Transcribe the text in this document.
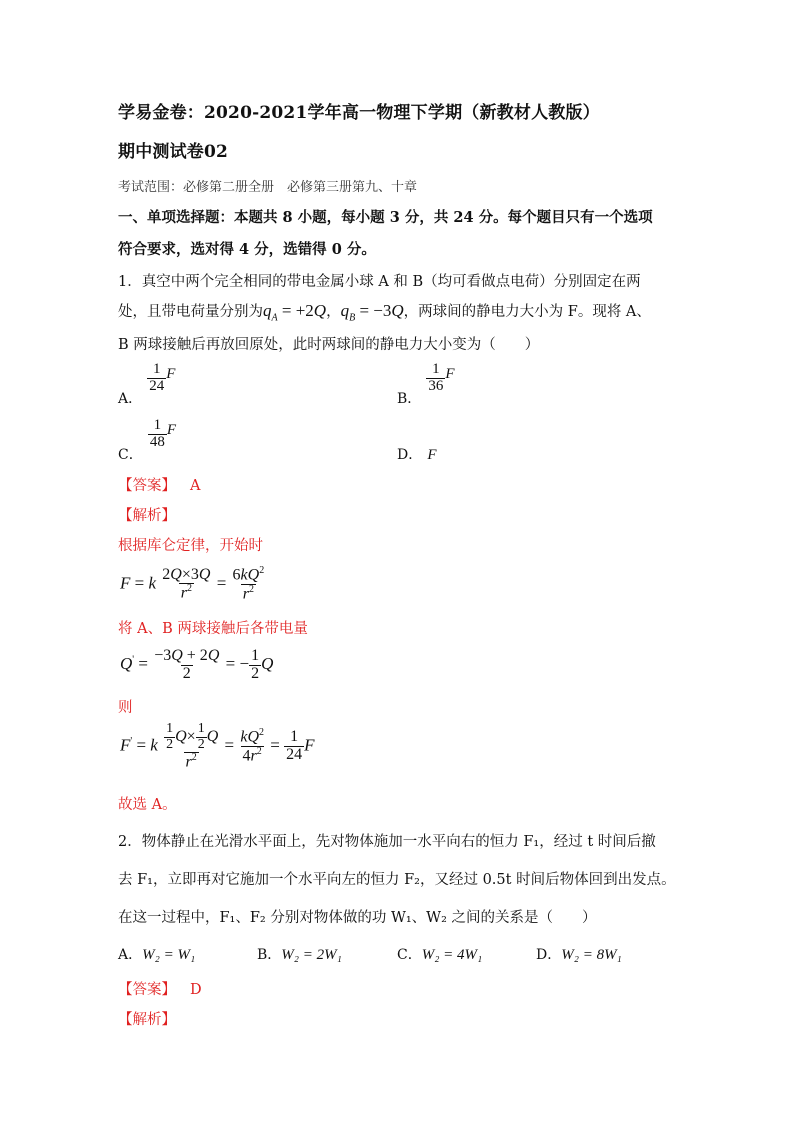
学易金卷：2020-2021学年高一物理下学期（新教材人教版）
期中测试卷02
考试范围：必修第二册全册　必修第三册第九、十章
一、单项选择题：本题共 8 小题，每小题 3 分，共 24 分。每个题目只有一个选项
符合要求，选对得 4 分，选错得 0 分。
1．真空中两个完全相同的带电金属小球 A 和 B（均可看做点电荷）分别固定在两
处，且带电荷量分别为$q_A = +2Q$，$q_B = -3Q$，两球间的静电力大小为 F。现将 A、
B 两球接触后再放回原处，此时两球间的静电力大小变为（　　）
A．
$\frac{1}{24}$ F
B．
$\frac{1}{36}$ F
C．
$\frac{1}{48}$ F
D． F
【答案】 A
【解析】
根据库仑定律，开始时
F = k $\frac{2Q\times 3Q}{r^2} = \frac{6kQ^2}{r^2}$
将 A、B 两球接触后各带电量
$Q' = \frac{-3Q + 2Q}{2}$ = − $\frac{1}{2}$ Q
则
F' = k $\frac{\frac{1}{2} Q\times \frac{1}{2} Q}{r^2} = \frac{kQ^2}{4r^2} = \frac{1}{24}$ F
故选 A。
2．物体静止在光滑水平面上，先对物体施加一水平向右的恒力 F₁，经过 t 时间后撤
去 F₁，立即再对它施加一个水平向左的恒力 F₂，又经过 0.5t 时间后物体回到出发点。
在这一过程中，F₁、F₂ 分别对物体做的功 W₁、W₂ 之间的关系是（　　）
A．W₂ = W₁	B．W₂ = 2W₁	C．W₂ = 4W₁	D．W₂ = 8W₁
【答案】 D
【解析】
